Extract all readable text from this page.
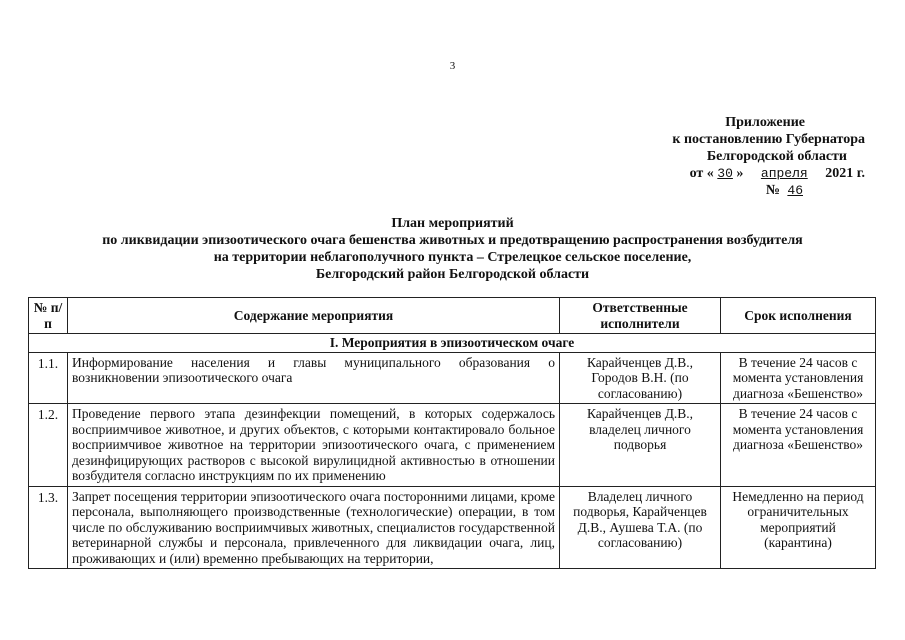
3
Приложение
к постановлению Губернатора
Белгородской области
от « 30 » апреля 2021 г.
№ 46
План мероприятий
по ликвидации эпизоотического очага бешенства животных и предотвращению распространения возбудителя
на территории неблагополучного пункта – Стрелецкое сельское поселение,
Белгородский район Белгородской области
№ п/п	Содержание мероприятия	Ответственные исполнители	Срок исполнения
I. Мероприятия в эпизоотическом очаге			
1.1.	Информирование населения и главы муниципального образования о возникновении эпизоотического очага	Карайченцев Д.В., Городов В.Н. (по согласованию)	В течение 24 часов с момента установления диагноза «Бешенство»
1.2.	Проведение первого этапа дезинфекции помещений, в которых содержалось восприимчивое животное, и других объектов, с которыми контактировало больное восприимчивое животное на территории эпизоотического очага, с применением дезинфицирующих растворов с высокой вирулицидной активностью в отношении возбудителя согласно инструкциям по их применению	Карайченцев Д.В., владелец личного подворья	В течение 24 часов с момента установления диагноза «Бешенство»
1.3.	Запрет посещения территории эпизоотического очага посторонними лицами, кроме персонала, выполняющего производственные (технологические) операции, в том числе по обслуживанию восприимчивых животных, специалистов государственной ветеринарной службы и персонала, привлеченного для ликвидации очага, лиц, проживающих и (или) временно пребывающих на территории,	Владелец личного подворья, Карайченцев Д.В., Аушева Т.А. (по согласованию)	Немедленно на период ограничительных мероприятий (карантина)
